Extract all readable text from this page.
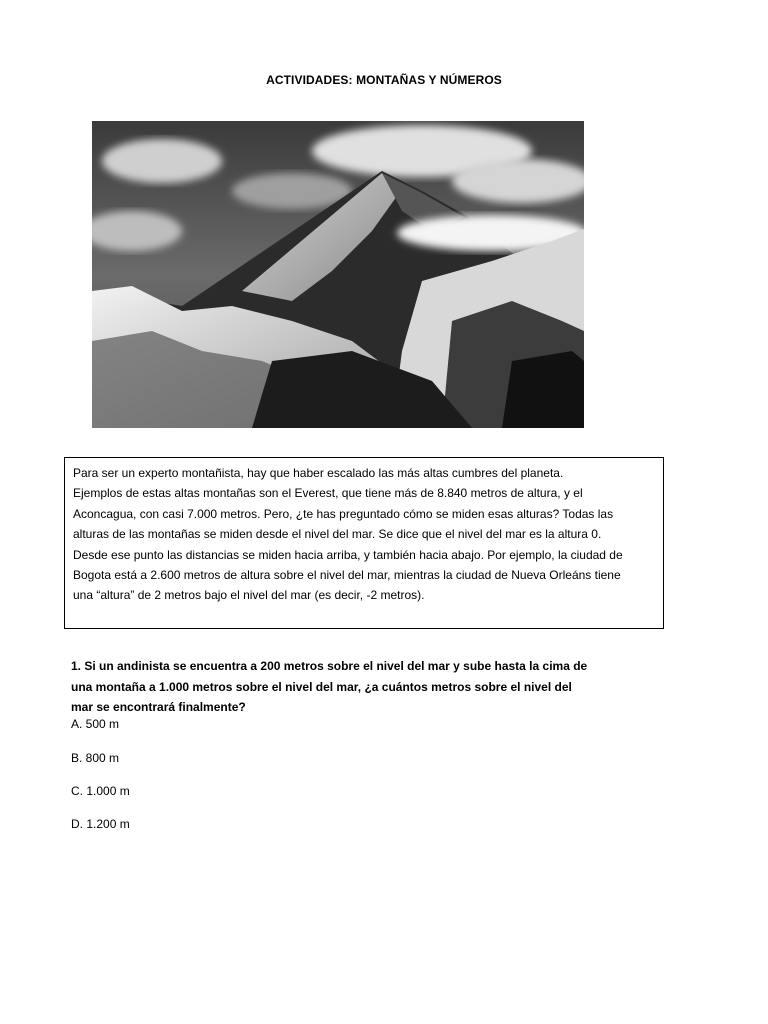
ACTIVIDADES: MONTAÑAS Y NÚMEROS

Para ser un experto montañista, hay que haber escalado las más altas cumbres del planeta.

Ejemplos de estas altas montañas son el Everest, que tiene más de 8.840 metros de altura, y el

Aconcagua, con casi 7.000 metros. Pero, ¿te has preguntado cómo se miden esas alturas? Todas las

alturas de las montañas se miden desde el nivel del mar. Se dice que el nivel del mar es la altura 0.

Desde ese punto las distancias se miden hacia arriba, y también hacia abajo. Por ejemplo, la ciudad de

Bogota está a 2.600 metros de altura sobre el nivel del mar, mientras la ciudad de Nueva Orleáns tiene

una “altura” de 2 metros bajo el nivel del mar (es decir, -2 metros).

1. Si un andinista se encuentra a 200 metros sobre el nivel del mar y sube hasta la cima de

una montaña a 1.000 metros sobre el nivel del mar, ¿a cuántos metros sobre el nivel del

mar se encontrará finalmente?

A. 500 m
B. 800 m
C. 1.000 m
D. 1.200 m
